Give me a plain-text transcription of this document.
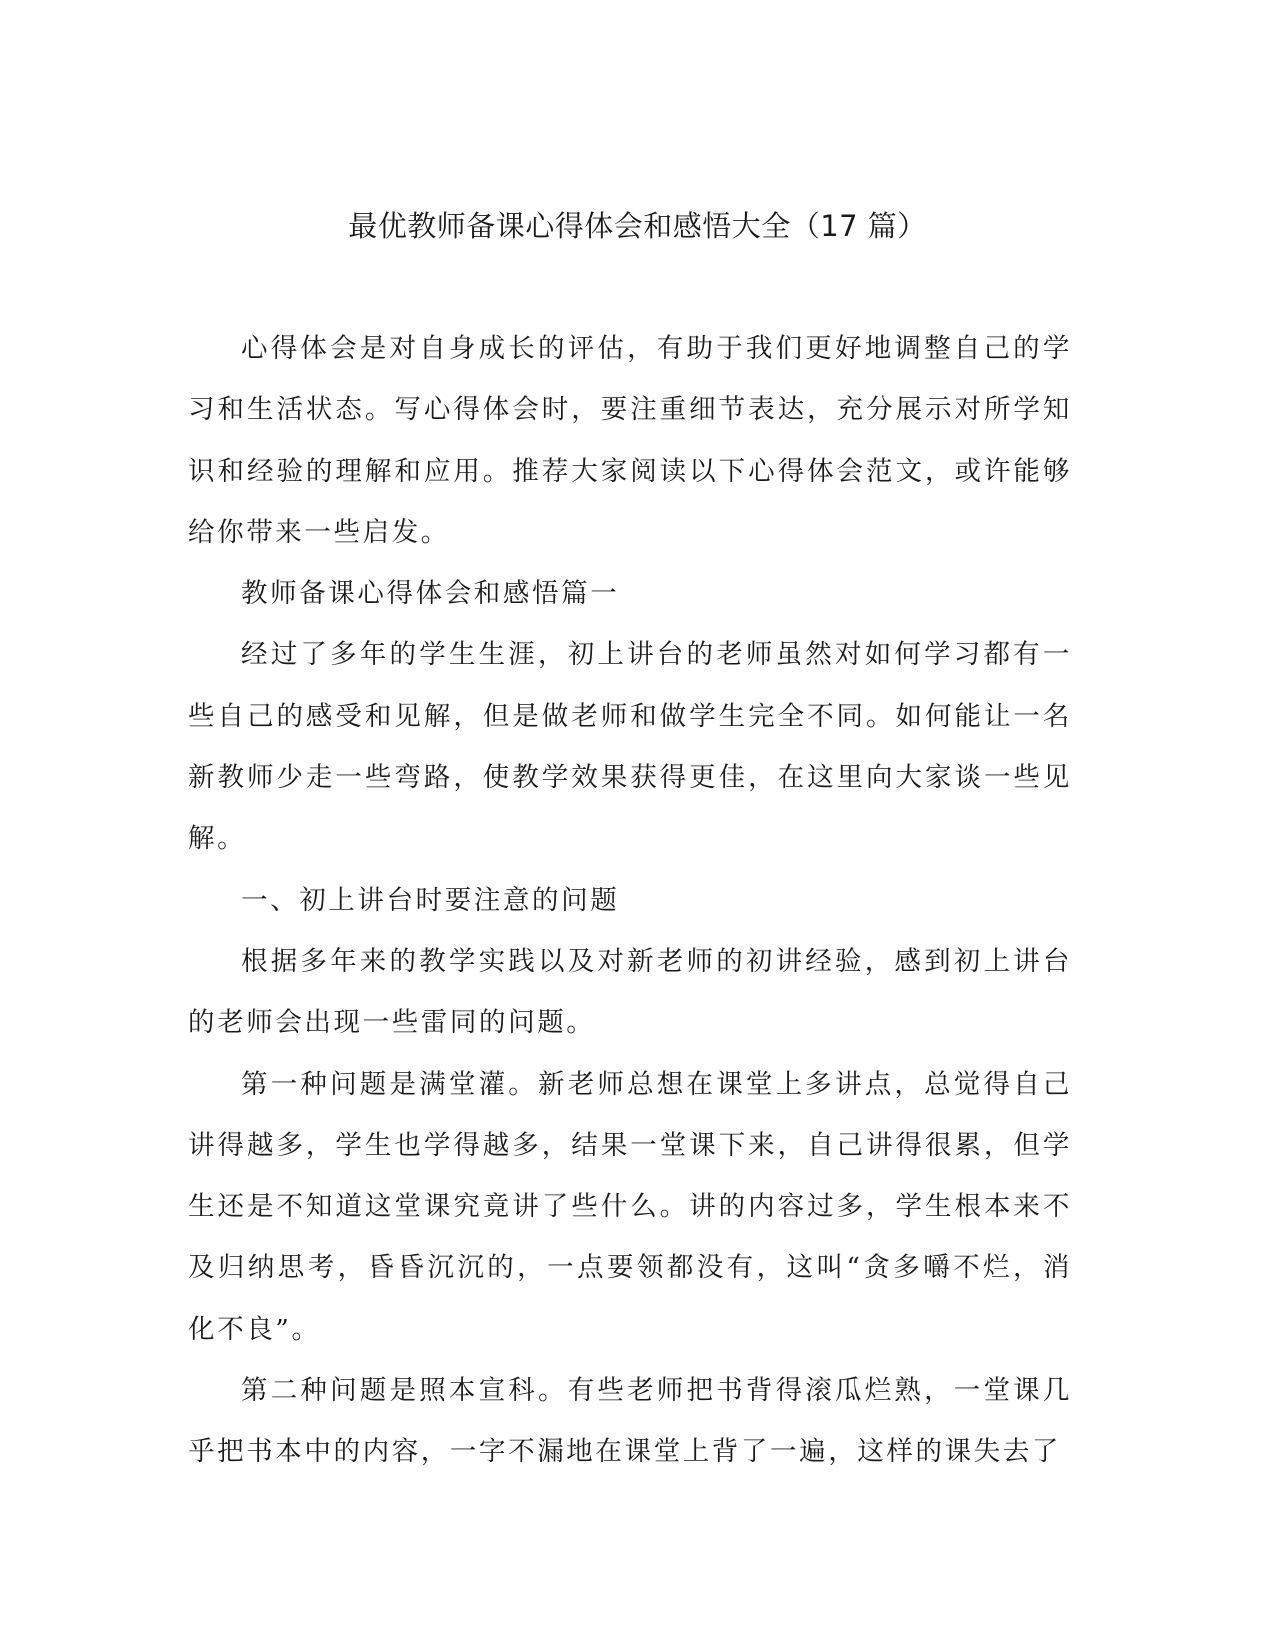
最优教师备课心得体会和感悟大全（17 篇）

心得体会是对自身成长的评估，有助于我们更好地调整自己的学习和生活状态。写心得体会时，要注重细节表达，充分展示对所学知识和经验的理解和应用。推荐大家阅读以下心得体会范文，或许能够给你带来一些启发。

教师备课心得体会和感悟篇一

经过了多年的学生生涯，初上讲台的老师虽然对如何学习都有一些自己的感受和见解，但是做老师和做学生完全不同。如何能让一名新教师少走一些弯路，使教学效果获得更佳，在这里向大家谈一些见解。

一、初上讲台时要注意的问题

根据多年来的教学实践以及对新老师的初讲经验，感到初上讲台的老师会出现一些雷同的问题。

第一种问题是满堂灌。新老师总想在课堂上多讲点，总觉得自己讲得越多，学生也学得越多，结果一堂课下来，自己讲得很累，但学生还是不知道这堂课究竟讲了些什么。讲的内容过多，学生根本来不及归纳思考，昏昏沉沉的，一点要领都没有，这叫“贪多嚼不烂，消化不良”。

第二种问题是照本宣科。有些老师把书背得滚瓜烂熟，一堂课几乎把书本中的内容，一字不漏地在课堂上背了一遍，这样的课失去了
